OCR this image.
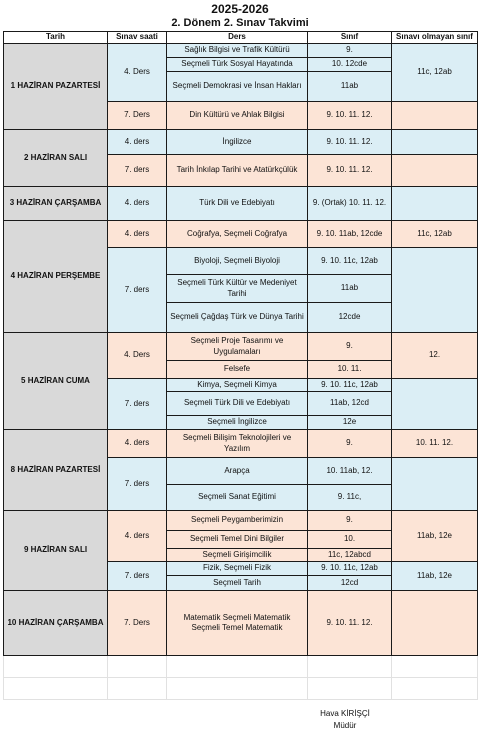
2025-2026
2. Dönem 2. Sınav Takvimi
Tarih	Sınav saati	Ders	Sınıf	Sınavı olmayan sınıf
1 HAZİRAN PAZARTESİ	4. Ders	Sağlık Bilgisi ve Trafik Kültürü	9.	11c, 12ab
		Seçmeli Türk Sosyal Hayatında	10. 12cde	
		Seçmeli Demokrasi ve İnsan Hakları	11ab	
	7. Ders	Din Kültürü ve Ahlak Bilgisi	9. 10. 11. 12.	
2 HAZİRAN SALI	4. ders	İngilizce	9. 10. 11. 12.	
	7. ders	Tarih İnkılap Tarihi ve Atatürkçülük	9. 10. 11. 12.	
3 HAZİRAN ÇARŞAMBA	4. ders	Türk Dili ve Edebiyatı	9. (Ortak) 10. 11. 12.	
4 HAZİRAN PERŞEMBE	4. ders	Coğrafya, Seçmeli Coğrafya	9. 10. 11ab, 12cde	11c, 12ab
	7. ders	Biyoloji, Seçmeli Biyoloji	9. 10. 11c, 12ab	
		Seçmeli Türk Kültür ve Medeniyet Tarihi	11ab	
		Seçmeli Çağdaş Türk ve Dünya Tarihi	12cde	
5 HAZİRAN CUMA	4. Ders	Seçmeli Proje Tasarımı ve Uygulamaları	9.	12.
		Felsefe	10. 11.	
	7. ders	Kimya, Seçmeli Kimya	9. 10. 11c, 12ab	
		Seçmeli Türk Dili ve Edebiyatı	11ab, 12cd	
		Seçmeli İngilizce	12e	
8 HAZİRAN PAZARTESİ	4. ders	Seçmeli Bilişim Teknolojileri ve Yazılım	9.	10. 11. 12.
	7. ders	Arapça	10. 11ab, 12.	
		Seçmeli Sanat Eğitimi	9. 11c,	
9 HAZİRAN SALI	4. ders	Seçmeli Peygamberimizin	9.	11ab, 12e
		Seçmeli Temel Dini Bilgiler	10.	
		Seçmeli Girişimcilik	11c, 12abcd	
	7. ders	Fizik, Seçmeli Fizik	9. 10. 11c, 12ab	11ab, 12e
		Seçmeli Tarih	12cd	
10 HAZİRAN ÇARŞAMBA	7. Ders	Matematik Seçmeli Matematik Seçmeli Temel Matematik	9. 10. 11. 12.	

Hava KİRİŞÇİ
Müdür
